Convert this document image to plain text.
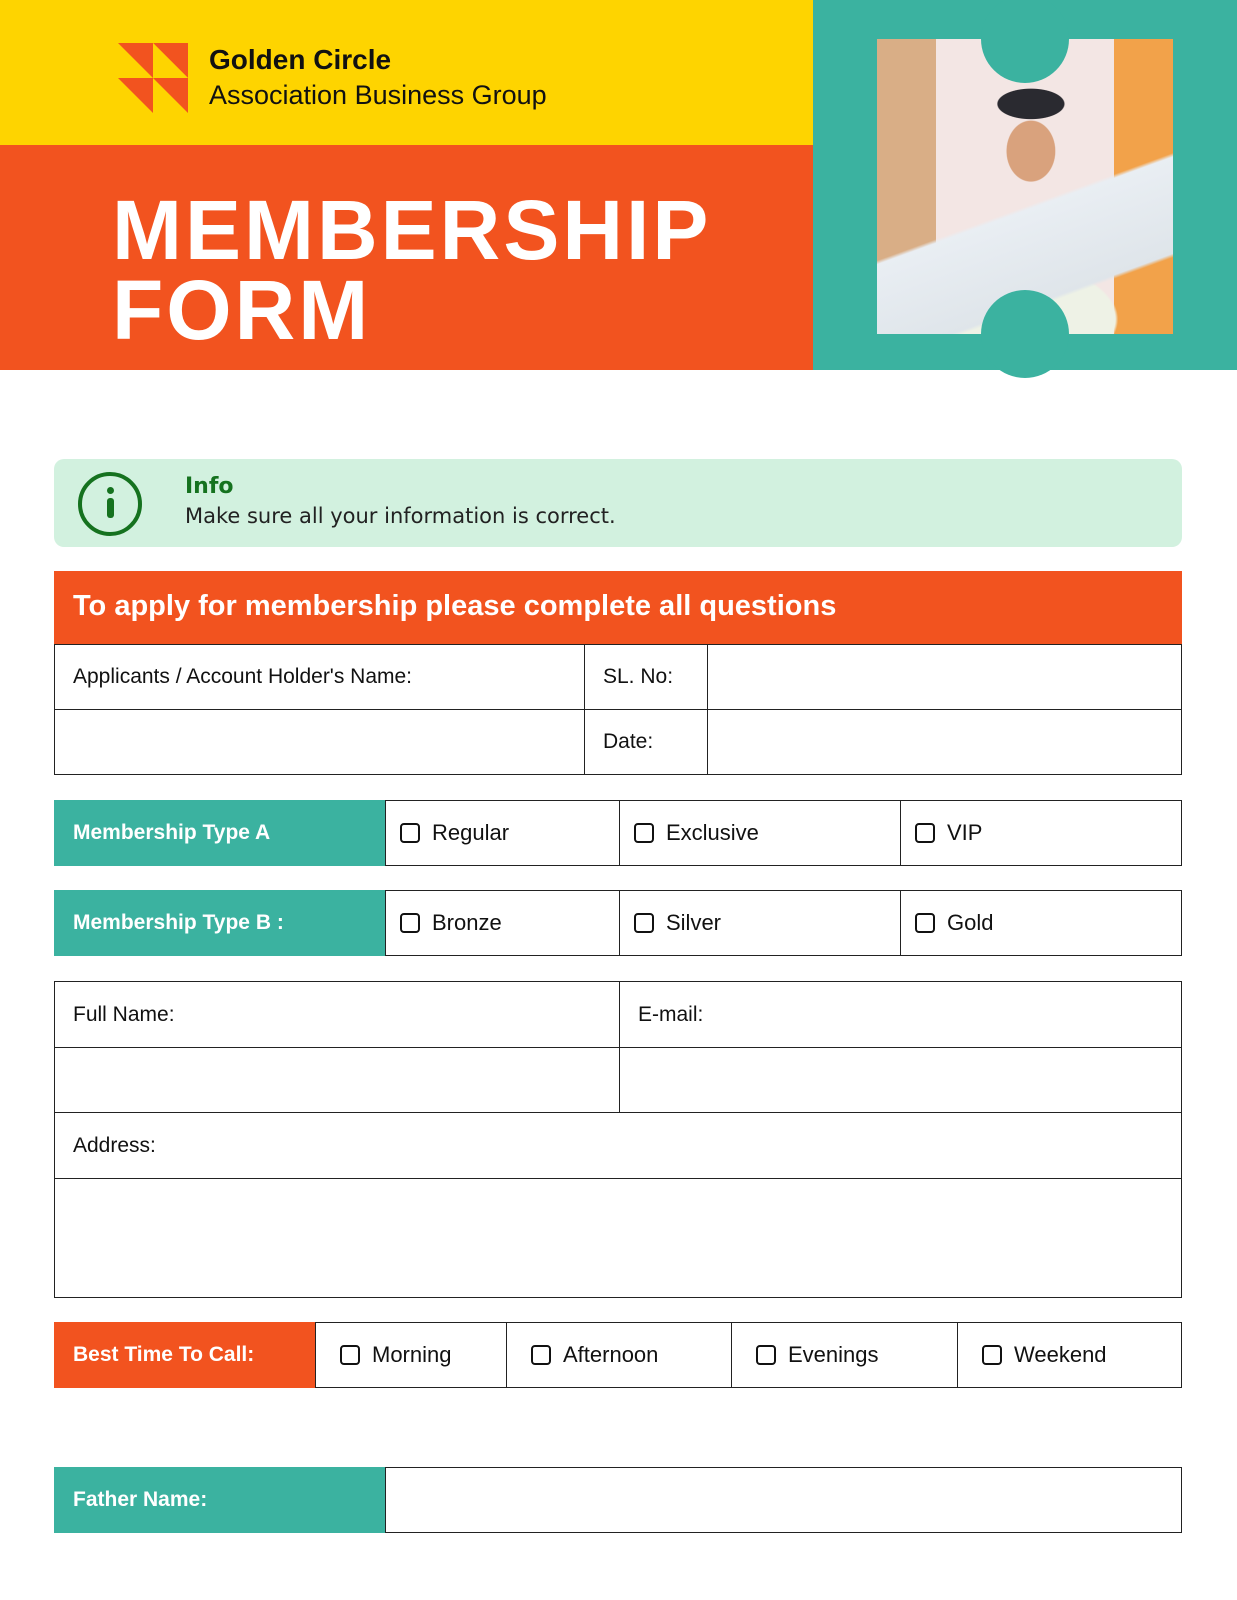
Golden Circle
Association Business Group
MEMBERSHIP
FORM
Info
Make sure all your information is correct.
To apply for membership please complete all questions
Applicants / Account Holder's Name:	SL. No:
Date:
Membership Type A	Regular	Exclusive	VIP
Membership Type B :	Bronze	Silver	Gold
Full Name:	E-mail:
Address:
Best Time To Call:	Morning	Afternoon	Evenings	Weekend
Father Name:
